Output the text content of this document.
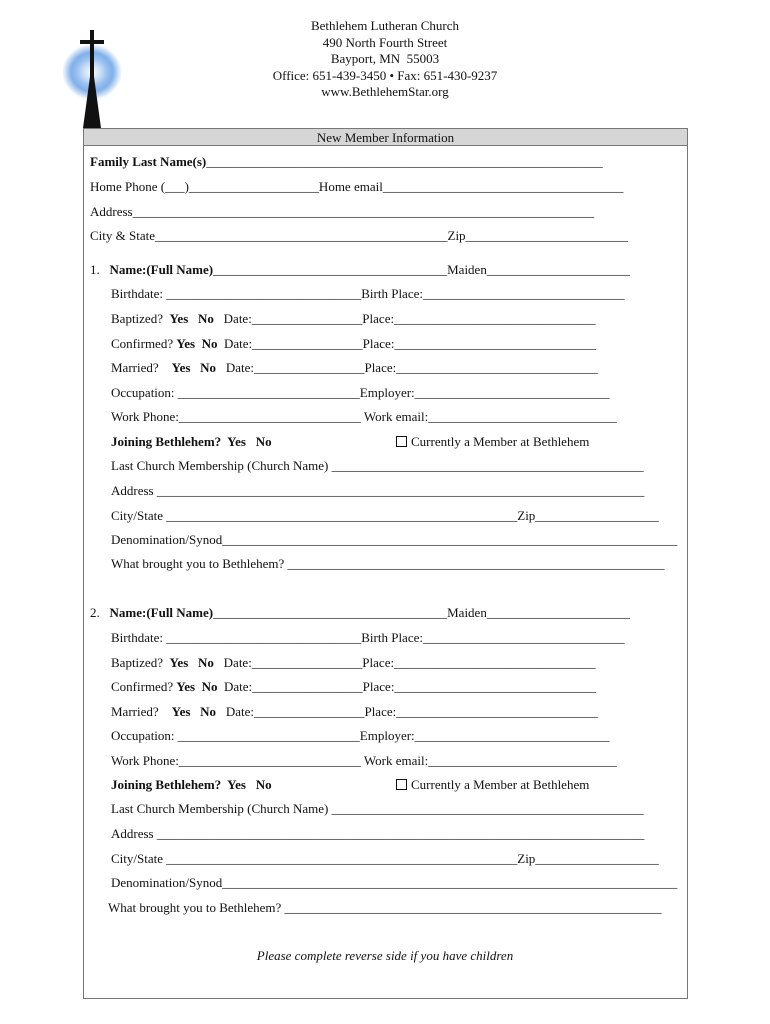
Bethlehem Lutheran Church
490 North Fourth Street
Bayport, MN  55003
Office: 651-439-3450 • Fax: 651-430-9237
www.BethlehemStar.org
New Member Information
Family Last Name(s)_____________________________________________________________
Home Phone (___)____________________Home email_____________________________________
Address_______________________________________________________________________
City & State_____________________________________________Zip_________________________
1. Name:(Full Name)____________________________________Maiden______________________
Birthdate: ______________________________Birth Place:_______________________________
Baptized? Yes No Date:_________________Place:_______________________________
Confirmed? Yes No Date:_________________Place:_______________________________
Married? Yes No Date:_________________Place:_______________________________
Occupation: ____________________________Employer:______________________________
Work Phone:____________________________ Work email:_____________________________
Joining Bethlehem?  Yes   No	Currently a Member at Bethlehem
Last Church Membership (Church Name) ________________________________________________
Address ___________________________________________________________________________
City/State ______________________________________________________Zip___________________
Denomination/Synod______________________________________________________________________
What brought you to Bethlehem? __________________________________________________________
2. Name:(Full Name)____________________________________Maiden______________________
Birthdate: ______________________________Birth Place:_______________________________
Baptized? Yes No Date:_________________Place:_______________________________
Confirmed? Yes No Date:_________________Place:_______________________________
Married? Yes No Date:_________________Place:_______________________________
Occupation: ____________________________Employer:______________________________
Work Phone:____________________________ Work email:_____________________________
Joining Bethlehem?  Yes   No	Currently a Member at Bethlehem
Last Church Membership (Church Name) ________________________________________________
Address ___________________________________________________________________________
City/State ______________________________________________________Zip___________________
Denomination/Synod______________________________________________________________________
What brought you to Bethlehem? __________________________________________________________
Please complete reverse side if you have children
